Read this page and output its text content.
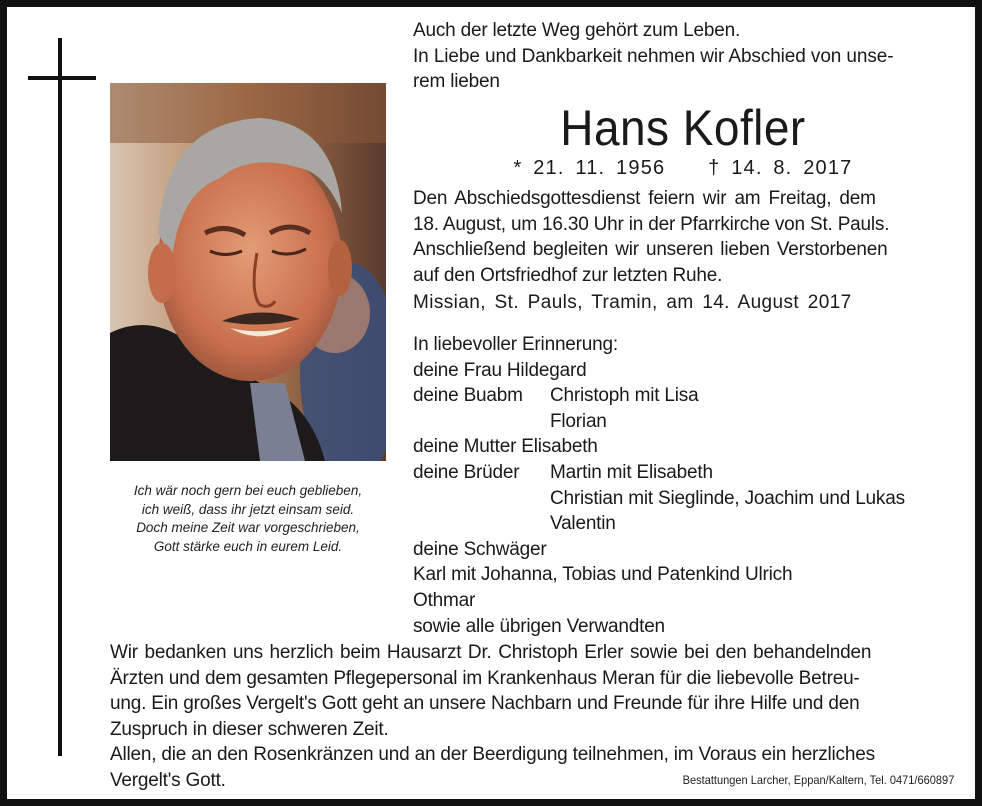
Ich wär noch gern bei euch geblieben,
ich weiß, dass ihr jetzt einsam seid.
Doch meine Zeit war vorgeschrieben,
Gott stärke euch in eurem Leid.
Auch der letzte Weg gehört zum Leben.
In Liebe und Dankbarkeit nehmen wir Abschied von unse-
rem lieben
Hans Kofler
* 21. 11. 1956 † 14. 8. 2017
Den Abschiedsgottesdienst feiern wir am Freitag, dem
18. August, um 16.30 Uhr in der Pfarrkirche von St. Pauls.
Anschließend begleiten wir unseren lieben Verstorbenen
auf den Ortsfriedhof zur letzten Ruhe.
Missian, St. Pauls, Tramin, am 14. August 2017
In liebevoller Erinnerung:
deine Frau Hildegard
deine Buabm	Christoph mit Lisa
Florian
deine Mutter Elisabeth
deine Brüder	Martin mit Elisabeth
Christian mit Sieglinde, Joachim und Lukas
Valentin
deine Schwäger
Karl mit Johanna, Tobias und Patenkind Ulrich
Othmar
sowie alle übrigen Verwandten
Wir bedanken uns herzlich beim Hausarzt Dr. Christoph Erler sowie bei den behandelnden
Ärzten und dem gesamten Pflegepersonal im Krankenhaus Meran für die liebevolle Betreu-
ung. Ein großes Vergelt's Gott geht an unsere Nachbarn und Freunde für ihre Hilfe und den
Zuspruch in dieser schweren Zeit.
Allen, die an den Rosenkränzen und an der Beerdigung teilnehmen, im Voraus ein herzliches
Vergelt's Gott.	Bestattungen Larcher, Eppan/Kaltern, Tel. 0471/660897
